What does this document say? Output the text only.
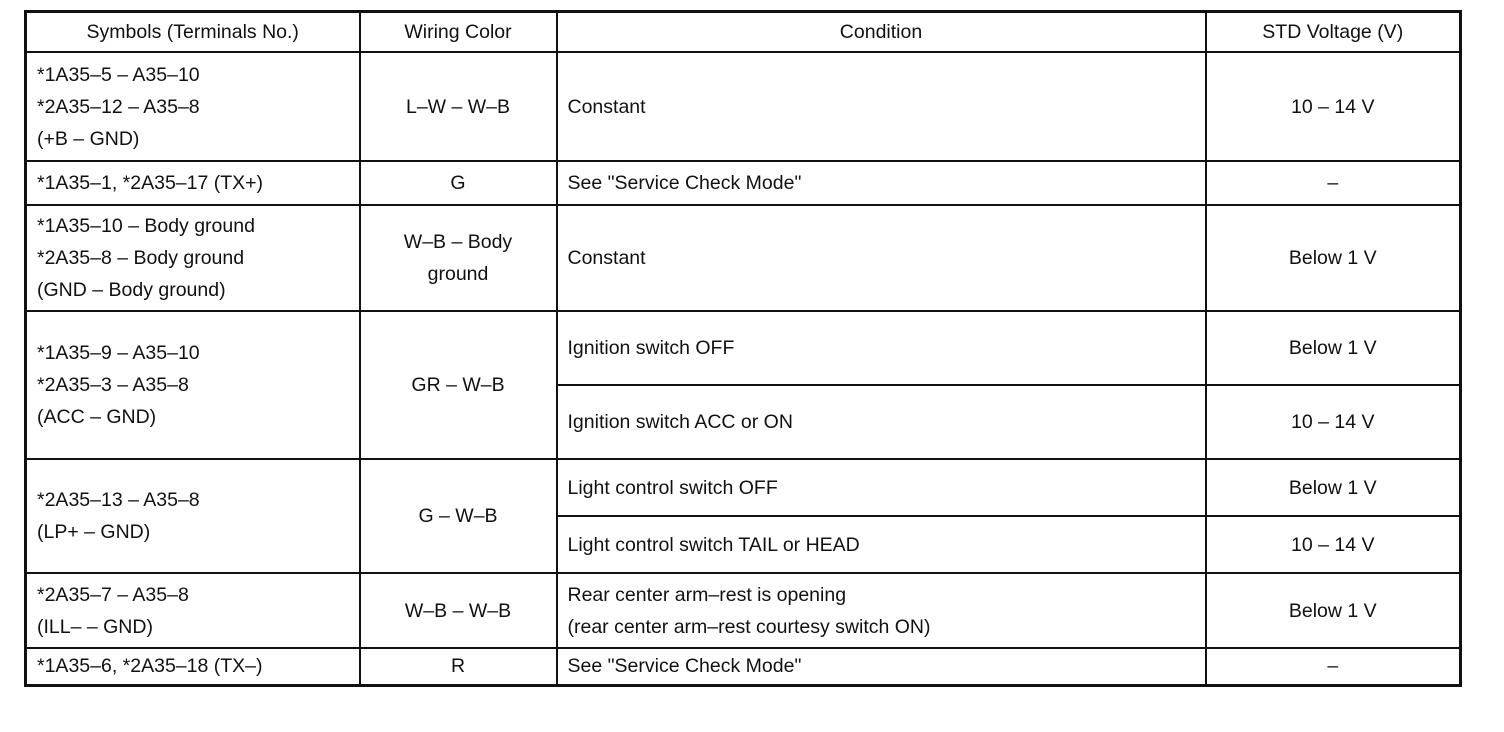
Symbols (Terminals No.)	Wiring Color	Condition	STD Voltage (V)

*1A35–5 – A35–10
*2A35–12 – A35–8
(+B – GND)	L–W – W–B	Constant	10 – 14 V

*1A35–1, *2A35–17 (TX+)	G	See "Service Check Mode"	–

*1A35–10 – Body ground
*2A35–8 – Body ground
(GND – Body ground)	W–B – Body
ground	Constant	Below 1 V

*1A35–9 – A35–10
*2A35–3 – A35–8
(ACC – GND)	GR – W–B	Ignition switch OFF	Below 1 V

		Ignition switch ACC or ON	10 – 14 V

*2A35–13 – A35–8
(LP+ – GND)	G – W–B	Light control switch OFF	Below 1 V

		Light control switch TAIL or HEAD	10 – 14 V

*2A35–7 – A35–8
(ILL– – GND)	W–B – W–B	Rear center arm–rest is opening
(rear center arm–rest courtesy switch ON)	Below 1 V

*1A35–6, *2A35–18 (TX–)	R	See "Service Check Mode"	–
